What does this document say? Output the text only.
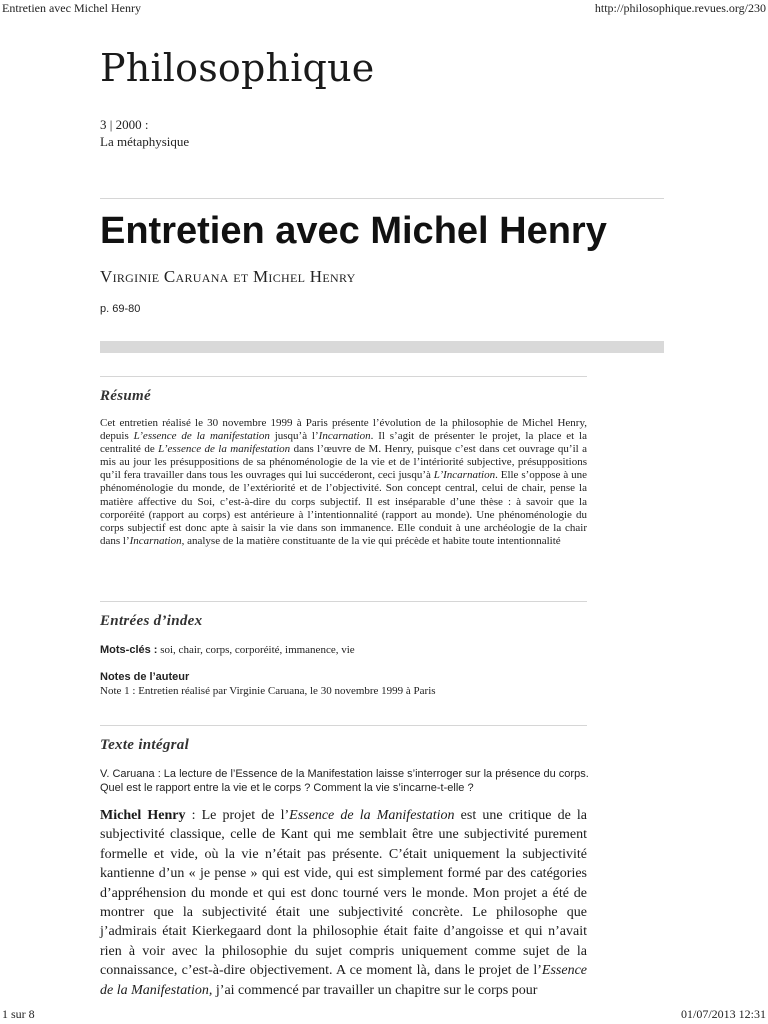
Entretien avec Michel Henry	http://philosophique.revues.org/230
Philosophique
3 | 2000 :
La métaphysique
Entretien avec Michel Henry
Virginie Caruana et Michel Henry
p. 69-80
Résumé

Cet entretien réalisé le 30 novembre 1999 à Paris présente l’évolution de la philosophie de Michel Henry, depuis L’essence de la manifestation jusqu’à l’Incarnation. Il s’agit de présenter le projet, la place et la centralité de L’essence de la manifestation dans l’œuvre de M. Henry, puisque c’est dans cet ouvrage qu’il a mis au jour les présuppositions de sa phénoménologie de la vie et de l’intériorité subjective, présuppositions qu’il fera travailler dans tous les ouvrages qui lui succéderont, ceci jusqu’à L’Incarnation. Elle s’oppose à une phénoménologie du monde, de l’extériorité et de l’objectivité. Son concept central, celui de chair, pense la matière affective du Soi, c’est-à-dire du corps subjectif. Il est inséparable d’une thèse : à savoir que la corporéité (rapport au corps) est antérieure à l’intentionnalité (rapport au monde). Une phénoménologie du corps subjectif est donc apte à saisir la vie dans son immanence. Elle conduit à une archéologie de la chair dans l’Incarnation, analyse de la matière constituante de la vie qui précède et habite toute intentionnalité

Entrées d’index
Mots-clés : soi, chair, corps, corporéité, immanence, vie
Notes de l’auteur
Note 1 : Entretien réalisé par Virginie Caruana, le 30 novembre 1999 à Paris
Texte intégral

V. Caruana : La lecture de l’Essence de la Manifestation laisse s’interroger sur la présence du corps. Quel est le rapport entre la vie et le corps ? Comment la vie s’incarne-t-elle ?

Michel Henry : Le projet de l’Essence de la Manifestation est une critique de la subjectivité classique, celle de Kant qui me semblait être une subjectivité purement formelle et vide, où la vie n’était pas présente. C’était uniquement la subjectivité kantienne d’un « je pense » qui est vide, qui est simplement formé par des catégories d’appréhension du monde et qui est donc tourné vers le monde. Mon projet a été de montrer que la subjectivité était une subjectivité concrète. Le philosophe que j’admirais était Kierkegaard dont la philosophie était faite d’angoisse et qui n’avait rien à voir avec la philosophie du sujet compris uniquement comme sujet de la connaissance, c’est-à-dire objectivement. A ce moment là, dans le projet de l’Essence de la Manifestation, j’ai commencé par travailler un chapitre sur le corps pour

1 sur 8	01/07/2013 12:31
